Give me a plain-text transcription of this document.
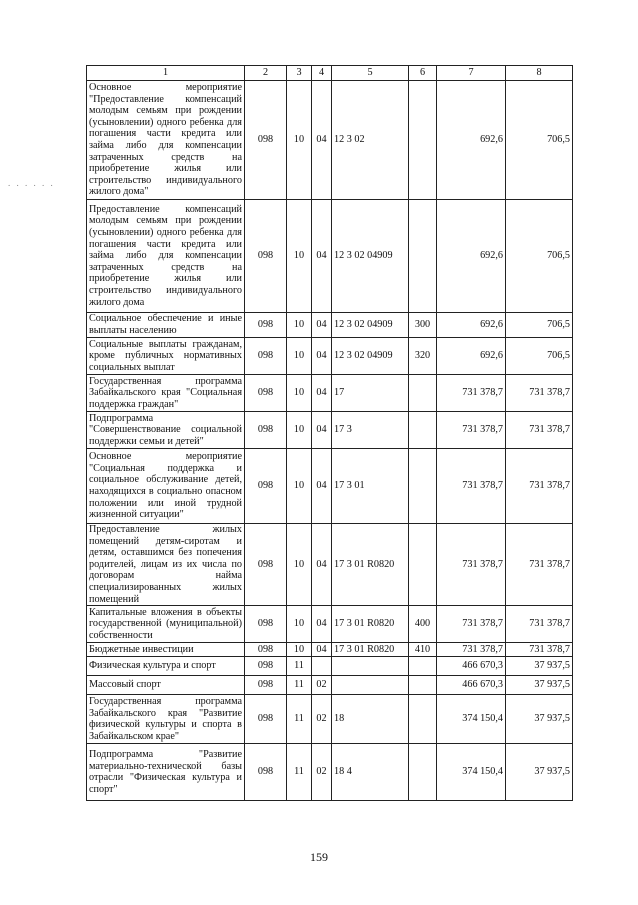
. . . . . .
1	2	3	4	5	6	7	8
Основное мероприятие "Предоставление компенсаций молодым семьям при рождении (усыновлении) одного ребенка для погашения части кредита или займа либо для компенсации затраченных средств на приобретение жилья или строительство индивидуального жилого дома"	098	10	04	12 3 02		692,6	706,5
Предоставление компенсаций молодым семьям при рождении (усыновлении) одного ребенка для погашения части кредита или займа либо для компенсации затраченных средств на приобретение жилья или строительство индивидуального жилого дома	098	10	04	12 3 02 04909		692,6	706,5
Социальное обеспечение и иные выплаты населению	098	10	04	12 3 02 04909	300	692,6	706,5
Социальные выплаты гражданам, кроме публичных нормативных социальных выплат	098	10	04	12 3 02 04909	320	692,6	706,5
Государственная программа Забайкальского края "Социальная поддержка граждан"	098	10	04	17		731 378,7	731 378,7
Подпрограмма "Совершенствование социальной поддержки семьи и детей"	098	10	04	17 3		731 378,7	731 378,7
Основное мероприятие "Социальная поддержка и социальное обслуживание детей, находящихся в социально опасном положении или иной трудной жизненной ситуации"	098	10	04	17 3 01		731 378,7	731 378,7
Предоставление жилых помещений детям-сиротам и детям, оставшимся без попечения родителей, лицам из их числа по договорам найма специализированных жилых помещений	098	10	04	17 3 01 R0820		731 378,7	731 378,7
Капитальные вложения в объекты государственной (муниципальной) собственности	098	10	04	17 3 01 R0820	400	731 378,7	731 378,7
Бюджетные инвестиции	098	10	04	17 3 01 R0820	410	731 378,7	731 378,7
Физическая культура и спорт	098	11				466 670,3	37 937,5
Массовый спорт	098	11	02			466 670,3	37 937,5
Государственная программа Забайкальского края "Развитие физической культуры и спорта в Забайкальском крае"	098	11	02	18		374 150,4	37 937,5
Подпрограмма "Развитие материально-технической базы отрасли "Физическая культура и спорт"	098	11	02	18 4		374 150,4	37 937,5
159
